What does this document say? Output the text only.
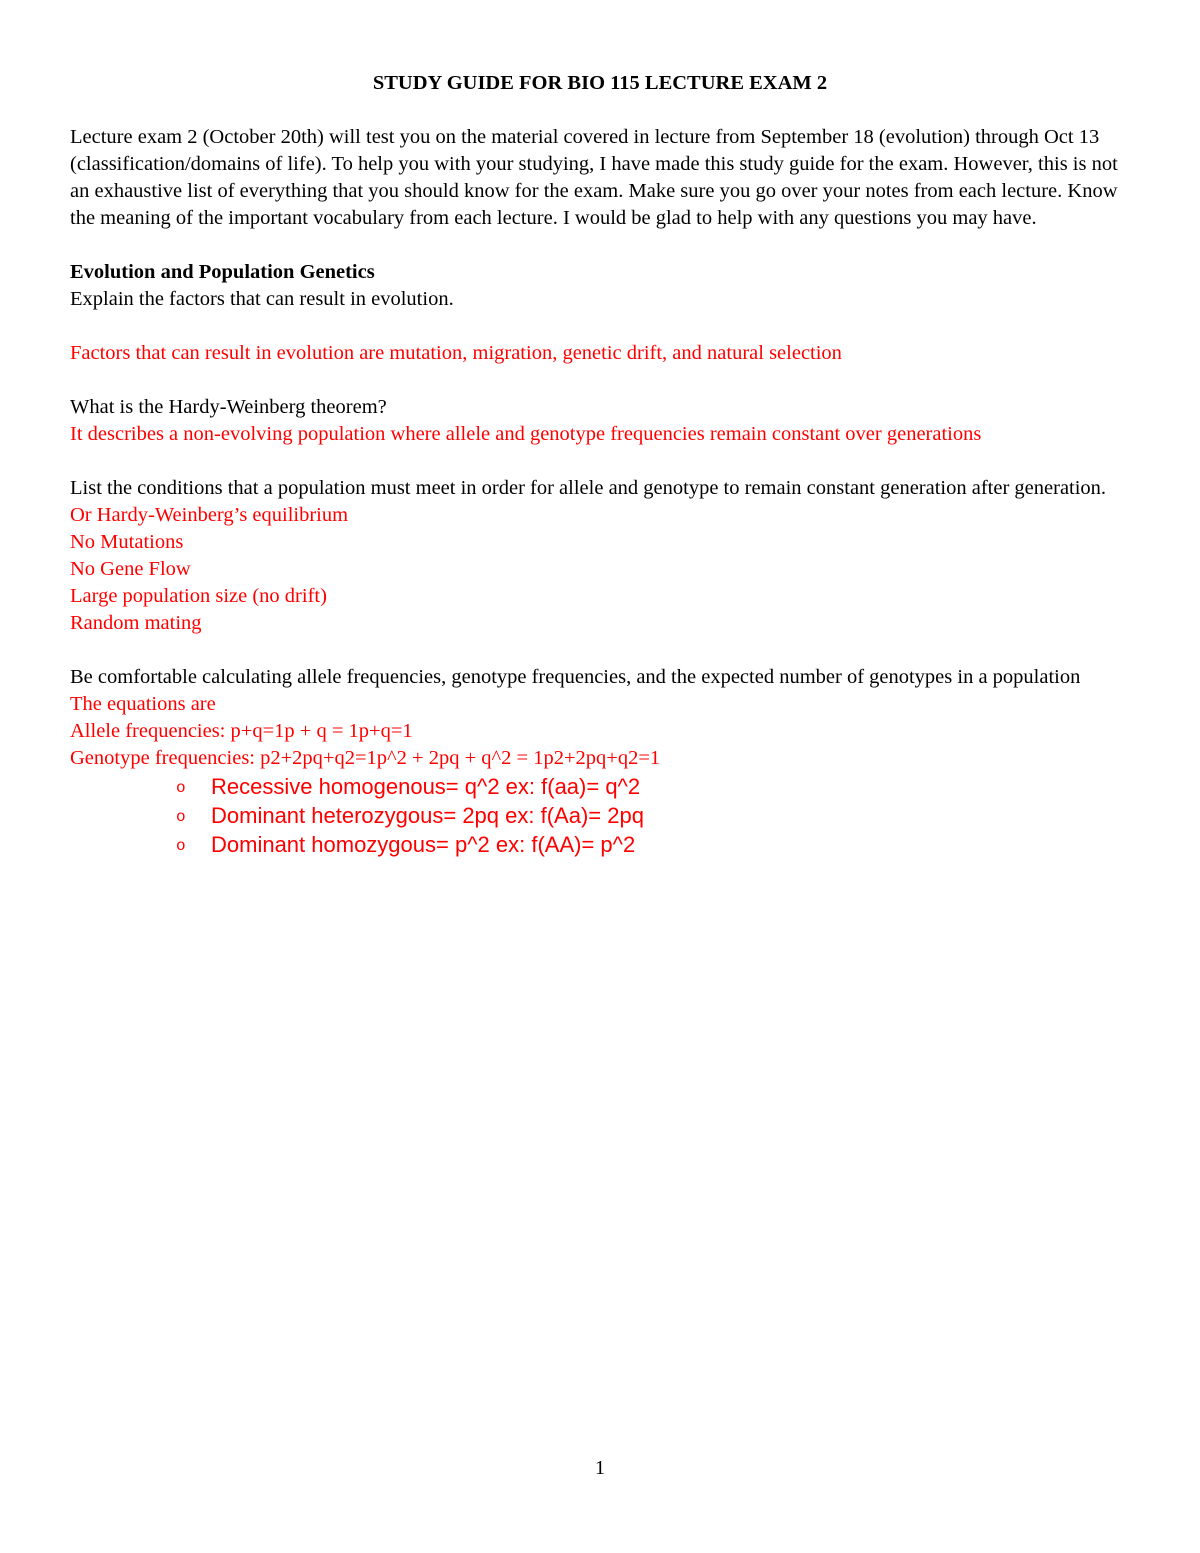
STUDY GUIDE FOR BIO 115 LECTURE EXAM 2

Lecture exam 2 (October 20th) will test you on the material covered in lecture from September 18 (evolution) through Oct 13 (classification/domains of life). To help you with your studying, I have made this study guide for the exam. However, this is not an exhaustive list of everything that you should know for the exam. Make sure you go over your notes from each lecture. Know the meaning of the important vocabulary from each lecture. I would be glad to help with any questions you may have.

Evolution and Population Genetics

Explain the factors that can result in evolution.

Factors that can result in evolution are mutation, migration, genetic drift, and natural selection

What is the Hardy-Weinberg theorem?

It describes a non-evolving population where allele and genotype frequencies remain constant over generations

List the conditions that a population must meet in order for allele and genotype to remain constant generation after generation.

Or Hardy-Weinberg’s equilibrium

No Mutations

No Gene Flow

Large population size (no drift)

Random mating

Be comfortable calculating allele frequencies, genotype frequencies, and the expected number of genotypes in a population

The equations are

Allele frequencies: p+q=1p + q = 1p+q=1

Genotype frequencies: p2+2pq+q2=1p^2 + 2pq + q^2 = 1p2+2pq+q2=1

o Recessive homogenous= q^2 ex: f(aa)= q^2
o Dominant heterozygous= 2pq ex: f(Aa)= 2pq
o Dominant homozygous= p^2 ex: f(AA)= p^2
1
